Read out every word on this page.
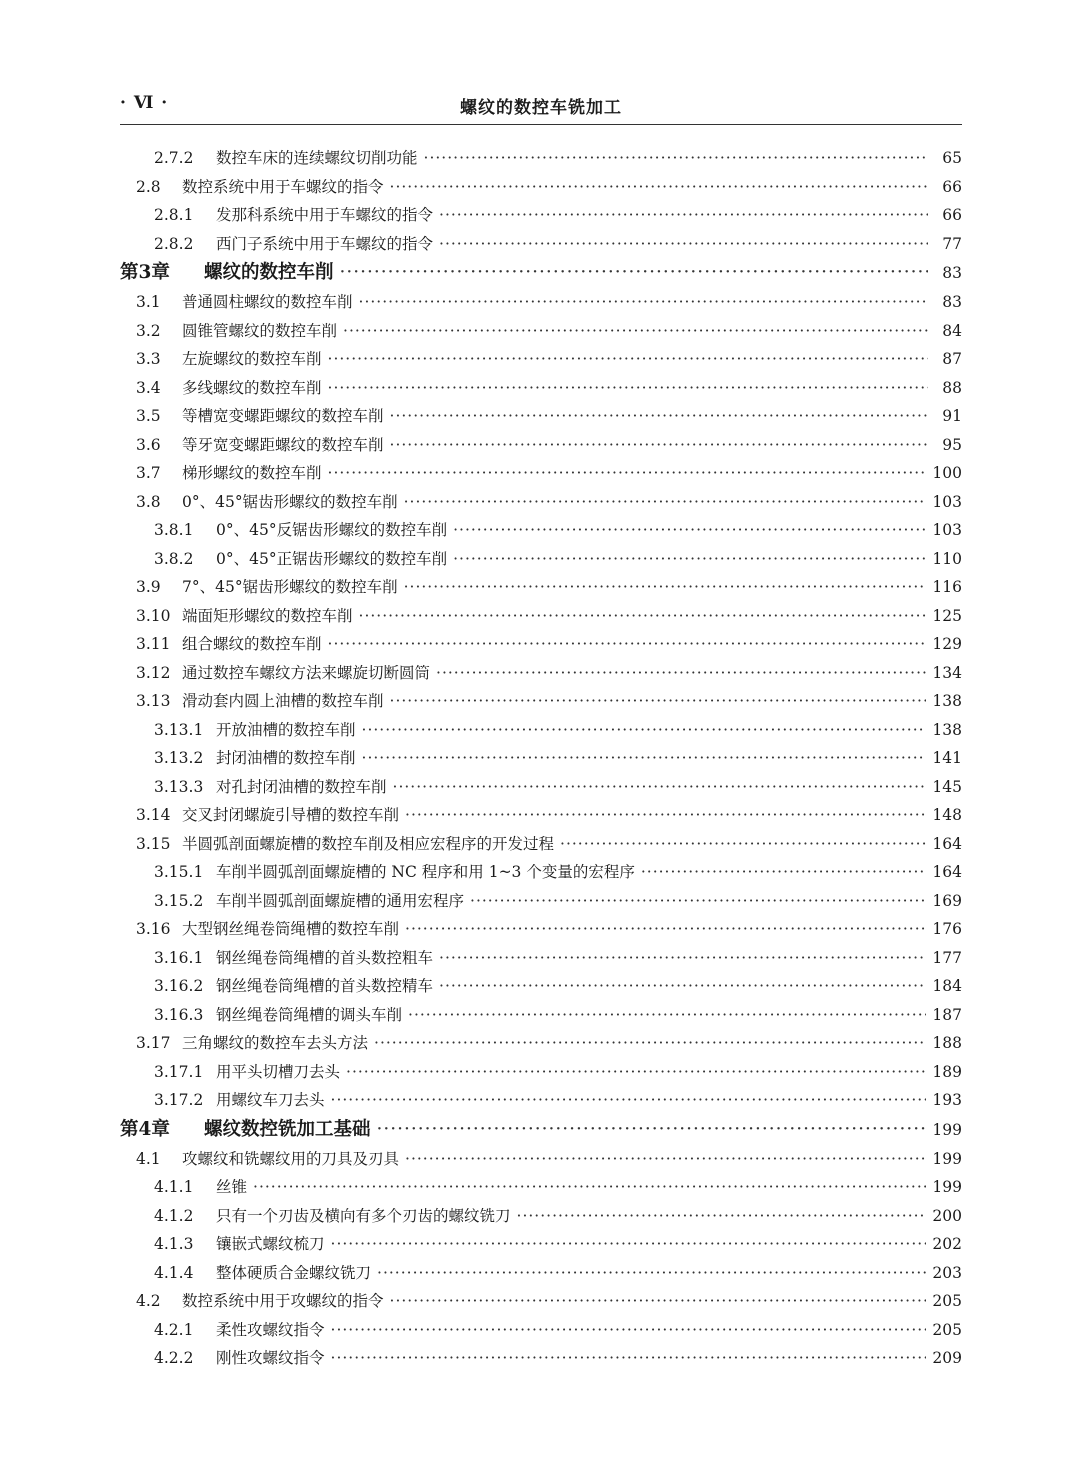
· Ⅵ ·	螺纹的数控车铣加工
2.7.2	数控车床的连续螺纹切削功能 ·····	65
2.8	数控系统中用于车螺纹的指令 ·····	66
2.8.1	发那科系统中用于车螺纹的指令 ·····	66
2.8.2	西门子系统中用于车螺纹的指令 ·····	77
第3章	螺纹的数控车削 ·····	83
3.1	普通圆柱螺纹的数控车削 ·····	83
3.2	圆锥管螺纹的数控车削 ·····	84
3.3	左旋螺纹的数控车削 ·····	87
3.4	多线螺纹的数控车削 ·····	88
3.5	等槽宽变螺距螺纹的数控车削 ·····	91
3.6	等牙宽变螺距螺纹的数控车削 ·····	95
3.7	梯形螺纹的数控车削 ·····	100
3.8	0°、45°锯齿形螺纹的数控车削 ·····	103
3.8.1	0°、45°反锯齿形螺纹的数控车削 ·····	103
3.8.2	0°、45°正锯齿形螺纹的数控车削 ·····	110
3.9	7°、45°锯齿形螺纹的数控车削 ·····	116
3.10 端面矩形螺纹的数控车削 ·····	125
3.11 组合螺纹的数控车削 ·····	129
3.12 通过数控车螺纹方法来螺旋切断圆筒 ·····	134
3.13 滑动套内圆上油槽的数控车削 ·····	138
3.13.1 开放油槽的数控车削 ·····	138
3.13.2 封闭油槽的数控车削 ·····	141
3.13.3 对孔封闭油槽的数控车削 ·····	145
3.14 交叉封闭螺旋引导槽的数控车削 ·····	148
3.15 半圆弧剖面螺旋槽的数控车削及相应宏程序的开发过程 ·····	164
3.15.1 车削半圆弧剖面螺旋槽的 NC 程序和用 1~3 个变量的宏程序 ·····	164
3.15.2 车削半圆弧剖面螺旋槽的通用宏程序 ·····	169
3.16 大型钢丝绳卷筒绳槽的数控车削 ·····	176
3.16.1 钢丝绳卷筒绳槽的首头数控粗车 ·····	177
3.16.2 钢丝绳卷筒绳槽的首头数控精车 ·····	184
3.16.3 钢丝绳卷筒绳槽的调头车削 ·····	187
3.17 三角螺纹的数控车去头方法 ·····	188
3.17.1 用平头切槽刀去头 ·····	189
3.17.2 用螺纹车刀去头 ·····	193
第4章	螺纹数控铣加工基础 ·····	199
4.1	攻螺纹和铣螺纹用的刀具及刃具 ·····	199
4.1.1	丝锥 ·····	199
4.1.2	只有一个刃齿及横向有多个刃齿的螺纹铣刀 ·····	200
4.1.3	镶嵌式螺纹梳刀 ·····	202
4.1.4	整体硬质合金螺纹铣刀 ·····	203
4.2	数控系统中用于攻螺纹的指令 ·····	205
4.2.1	柔性攻螺纹指令 ·····	205
4.2.2	刚性攻螺纹指令 ·····	209
